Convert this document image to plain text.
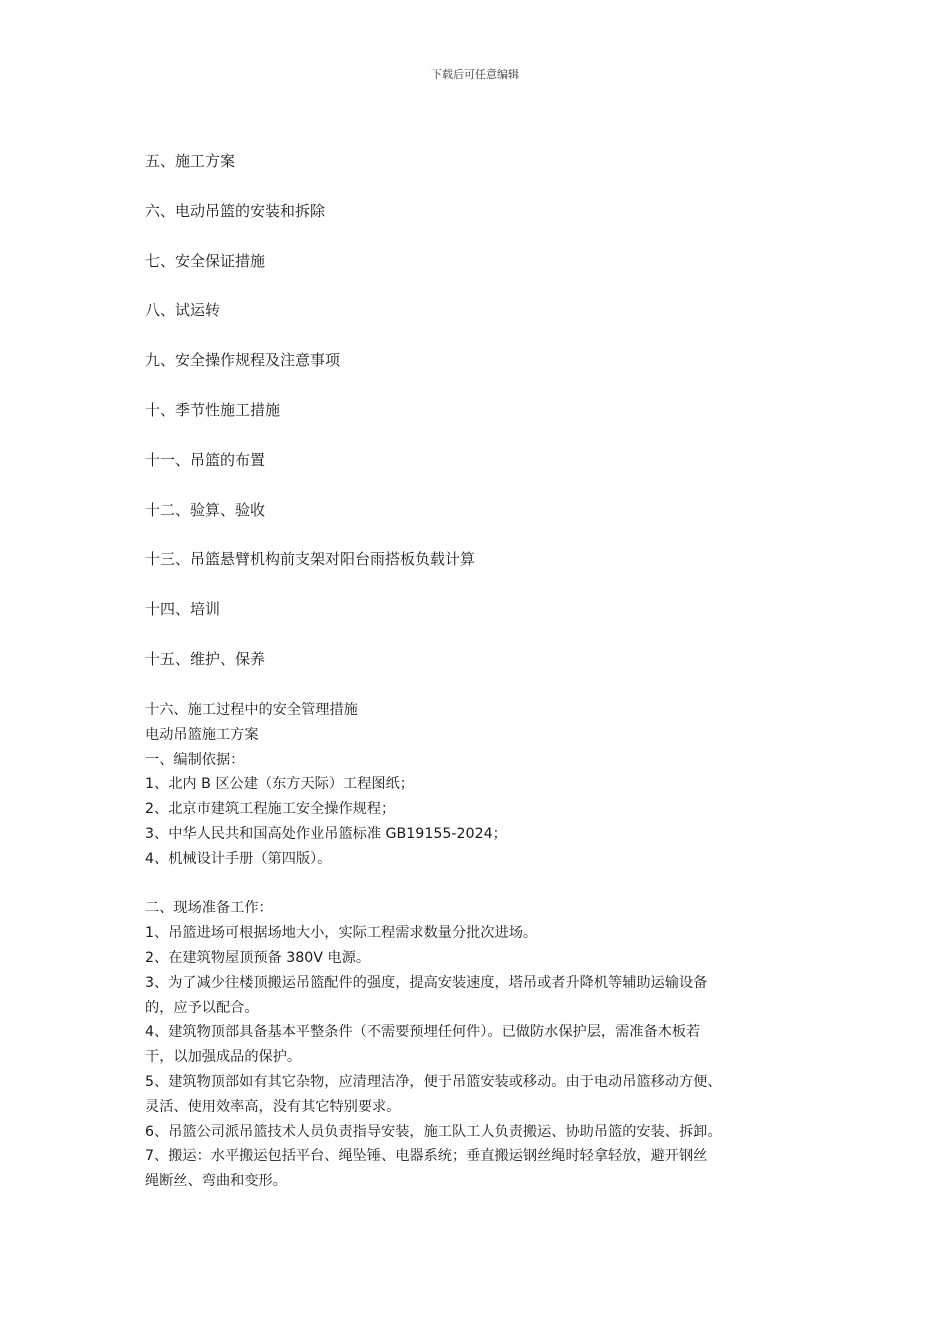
下载后可任意编辑
五、施工方案
六、电动吊篮的安装和拆除
七、安全保证措施
八、试运转
九、安全操作规程及注意事项
十、季节性施工措施
十一、吊篮的布置
十二、验算、验收
十三、吊篮悬臂机构前支架对阳台雨搭板负载计算
十四、培训
十五、维护、保养
十六、施工过程中的安全管理措施
电动吊篮施工方案
一、编制依据：
1、北内 B 区公建（东方天际）工程图纸；
2、北京市建筑工程施工安全操作规程；
3、中华人民共和国高处作业吊篮标准 GB19155-2024；
4、机械设计手册（第四版）。
二、现场准备工作：
1、吊篮进场可根据场地大小，实际工程需求数量分批次进场。
2、在建筑物屋顶预备 380V 电源。
3、为了减少往楼顶搬运吊篮配件的强度，提高安装速度，塔吊或者升降机等辅助运输设备
的，应予以配合。
4、建筑物顶部具备基本平整条件（不需要预埋任何件）。已做防水保护层，需准备木板若
干，以加强成品的保护。
5、建筑物顶部如有其它杂物，应清理洁净，便于吊篮安装或移动。由于电动吊篮移动方便、
灵活、使用效率高，没有其它特别要求。
6、吊篮公司派吊篮技术人员负责指导安装，施工队工人负责搬运、协助吊篮的安装、拆卸。
7、搬运：水平搬运包括平台、绳坠锤、电器系统；垂直搬运钢丝绳时轻拿轻放，避开钢丝
绳断丝、弯曲和变形。
